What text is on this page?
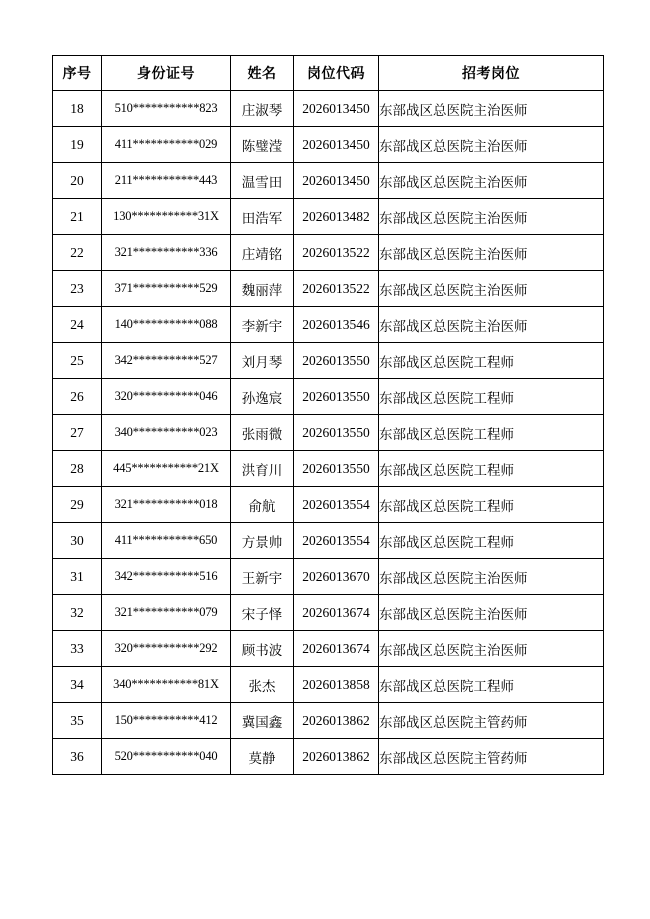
序号	身份证号	姓名	岗位代码	招考岗位
18	510***********823	庄淑琴	2026013450	东部战区总医院主治医师
19	411***********029	陈璧滢	2026013450	东部战区总医院主治医师
20	211***********443	温雪田	2026013450	东部战区总医院主治医师
21	130***********31X	田浩军	2026013482	东部战区总医院主治医师
22	321***********336	庄靖铭	2026013522	东部战区总医院主治医师
23	371***********529	魏丽萍	2026013522	东部战区总医院主治医师
24	140***********088	李新宇	2026013546	东部战区总医院主治医师
25	342***********527	刘月琴	2026013550	东部战区总医院工程师
26	320***********046	孙逸宸	2026013550	东部战区总医院工程师
27	340***********023	张雨微	2026013550	东部战区总医院工程师
28	445***********21X	洪育川	2026013550	东部战区总医院工程师
29	321***********018	俞航	2026013554	东部战区总医院工程师
30	411***********650	方景帅	2026013554	东部战区总医院工程师
31	342***********516	王新宇	2026013670	东部战区总医院主治医师
32	321***********079	宋子怿	2026013674	东部战区总医院主治医师
33	320***********292	顾书波	2026013674	东部战区总医院主治医师
34	340***********81X	张杰	2026013858	东部战区总医院工程师
35	150***********412	冀国鑫	2026013862	东部战区总医院主管药师
36	520***********040	莫静	2026013862	东部战区总医院主管药师
